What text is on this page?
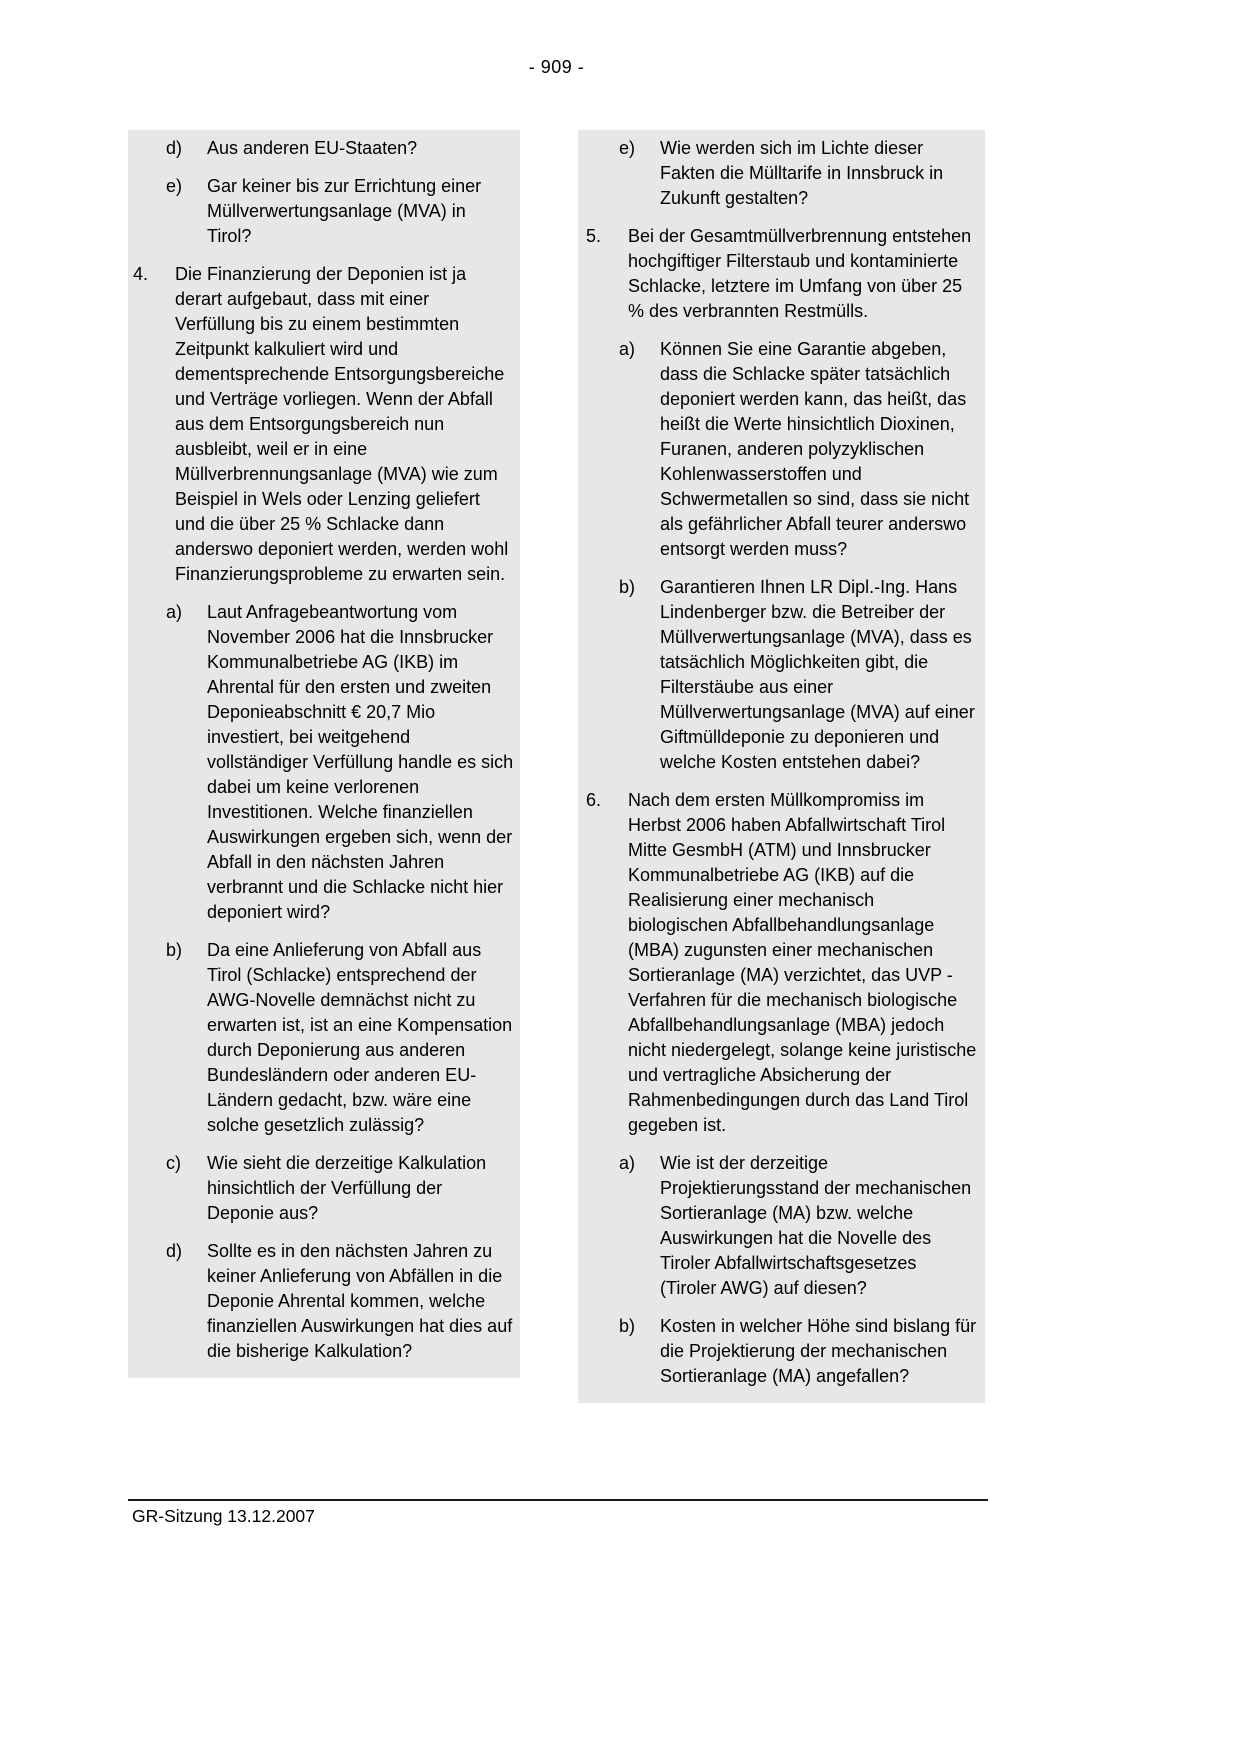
- 909 -
d)	Aus anderen EU-Staaten?
e)	Gar keiner bis zur Errichtung einer Müllverwertungsanlage (MVA) in Tirol?
4.	Die Finanzierung der Deponien ist ja derart aufgebaut, dass mit einer Verfüllung bis zu einem bestimmten Zeitpunkt kalkuliert wird und dementsprechende Entsorgungsbereiche und Verträge vorliegen. Wenn der Abfall aus dem Entsorgungsbereich nun ausbleibt, weil er in eine Müllverbrennungsanlage (MVA) wie zum Beispiel in Wels oder Lenzing geliefert und die über 25 % Schlacke dann anderswo deponiert werden, werden wohl Finanzierungsprobleme zu erwarten sein.
a)	Laut Anfragebeantwortung vom November 2006 hat die Innsbrucker Kommunalbetriebe AG (IKB) im Ahrental für den ersten und zweiten Deponieabschnitt € 20,7 Mio investiert, bei weitgehend vollständiger Verfüllung handle es sich dabei um keine verlorenen Investitionen. Welche finanziellen Auswirkungen ergeben sich, wenn der Abfall in den nächsten Jahren verbrannt und die Schlacke nicht hier deponiert wird?
b)	Da eine Anlieferung von Abfall aus Tirol (Schlacke) entsprechend der AWG-Novelle demnächst nicht zu erwarten ist, ist an eine Kompensation durch Deponierung aus anderen Bundesländern oder anderen EU-Ländern gedacht, bzw. wäre eine solche gesetzlich zulässig?
c)	Wie sieht die derzeitige Kalkulation hinsichtlich der Verfüllung der Deponie aus?
d)	Sollte es in den nächsten Jahren zu keiner Anlieferung von Abfällen in die Deponie Ahrental kommen, welche finanziellen Auswirkungen hat dies auf die bisherige Kalkulation?
e)	Wie werden sich im Lichte dieser Fakten die Mülltarife in Innsbruck in Zukunft gestalten?
5.	Bei der Gesamtmüllverbrennung entstehen hochgiftiger Filterstaub und kontaminierte Schlacke, letztere im Umfang von über 25 % des verbrannten Restmülls.
a)	Können Sie eine Garantie abgeben, dass die Schlacke später tatsächlich deponiert werden kann, das heißt, das heißt die Werte hinsichtlich Dioxinen, Furanen, anderen polyzyklischen Kohlenwasserstoffen und Schwermetallen so sind, dass sie nicht als gefährlicher Abfall teurer anderswo entsorgt werden muss?
b)	Garantieren Ihnen LR Dipl.-Ing. Hans Lindenberger bzw. die Betreiber der Müllverwertungsanlage (MVA), dass es tatsächlich Möglichkeiten gibt, die Filterstäube aus einer Müllverwertungsanlage (MVA) auf einer Giftmülldeponie zu deponieren und welche Kosten entstehen dabei?
6.	Nach dem ersten Müllkompromiss im Herbst 2006 haben Abfallwirtschaft Tirol Mitte GesmbH (ATM) und Innsbrucker Kommunalbetriebe AG (IKB) auf die Realisierung einer mechanisch biologischen Abfallbehandlungsanlage (MBA) zugunsten einer mechanischen Sortieranlage (MA) verzichtet, das UVP - Verfahren für die mechanisch biologische Abfallbehandlungsanlage (MBA) jedoch nicht niedergelegt, solange keine juristische und vertragliche Absicherung der Rahmenbedingungen durch das Land Tirol gegeben ist.
a)	Wie ist der derzeitige Projektierungsstand der mechanischen Sortieranlage (MA) bzw. welche Auswirkungen hat die Novelle des Tiroler Abfallwirtschaftsgesetzes (Tiroler AWG) auf diesen?
b)	Kosten in welcher Höhe sind bislang für die Projektierung der mechanischen Sortieranlage (MA) angefallen?
GR-Sitzung 13.12.2007
